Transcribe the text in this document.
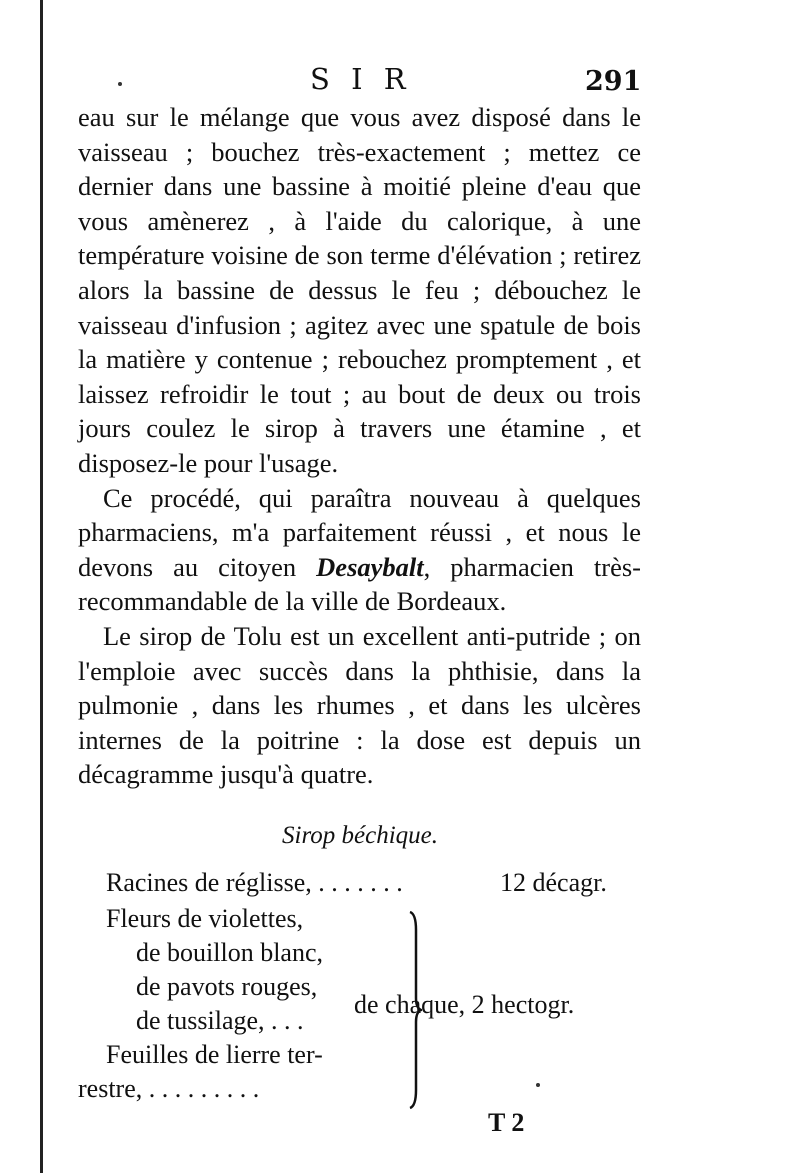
S I R	291

eau sur le mélange que vous avez disposé dans le vaisseau ; bouchez très-exactement ; mettez ce dernier dans une bassine à moitié pleine d'eau que vous amènerez , à l'aide du calorique, à une température voisine de son terme d'élévation ; retirez alors la bassine de dessus le feu ; débouchez le vaisseau d'infusion ; agitez avec une spatule de bois la matière y contenue ; rebouchez promptement , et laissez refroidir le tout ; au bout de deux ou trois jours coulez le sirop à travers une étamine , et disposez-le pour l'usage.

Ce procédé, qui paraîtra nouveau à quelques pharmaciens, m'a parfaitement réussi , et nous le devons au citoyen Desaybalt, pharmacien très-recommandable de la ville de Bordeaux.

Le sirop de Tolu est un excellent anti-putride ; on l'emploie avec succès dans la phthisie, dans la pulmonie , dans les rhumes , et dans les ulcères internes de la poitrine : la dose est depuis un décagramme jusqu'à quatre.

Sirop béchique.
Racines de réglisse, . . . . . . .	12 décagr.
Fleurs de violettes,
de bouillon blanc,
de pavots rouges,
de tussilage, . . .
Feuilles de lierre ter-
restre, . . . . . . . . .
de chaque, 2 hectogr.
T 2
